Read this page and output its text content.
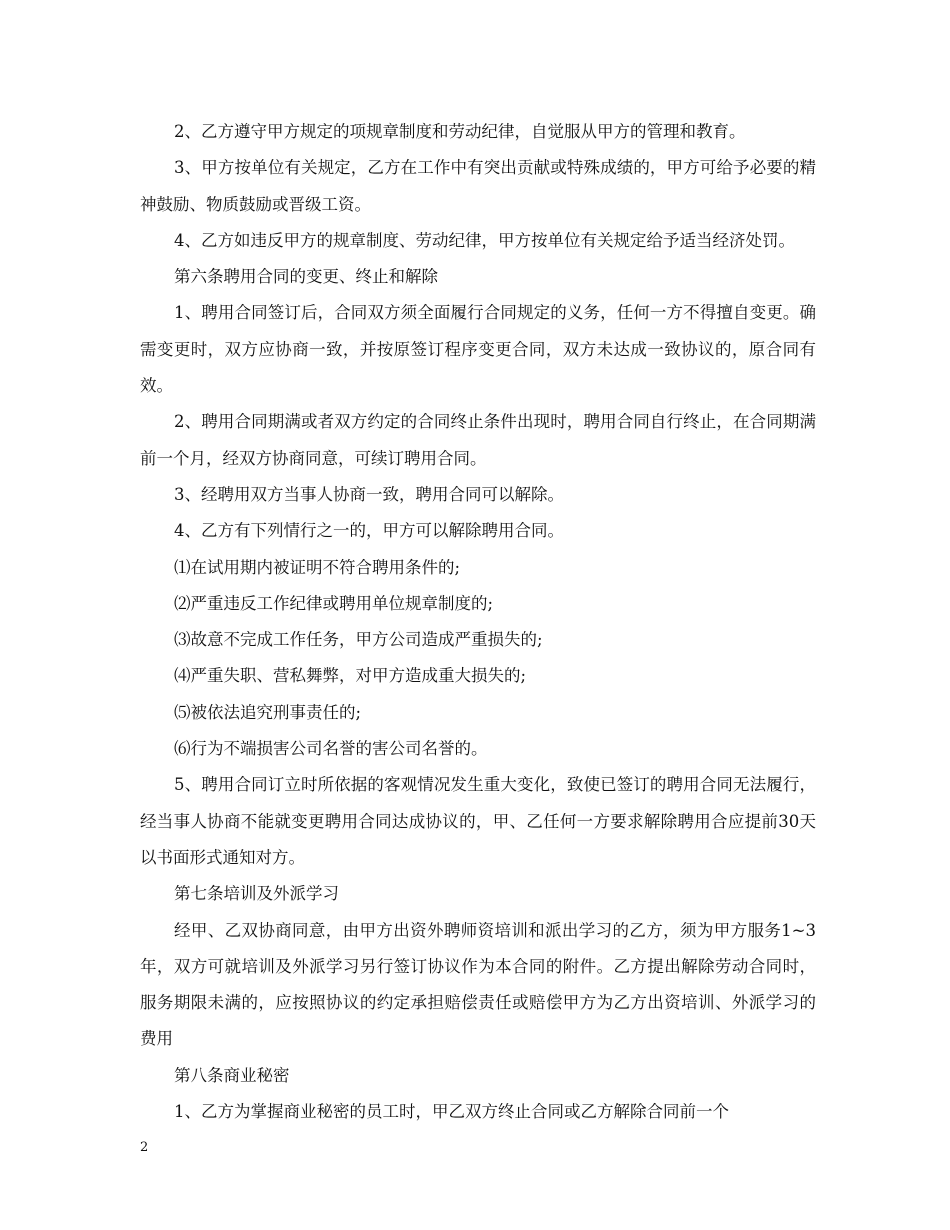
2、乙方遵守甲方规定的项规章制度和劳动纪律，自觉服从甲方的管理和教育。

3、甲方按单位有关规定，乙方在工作中有突出贡献或特殊成绩的，甲方可给予必要的精神鼓励、物质鼓励或晋级工资。

4、乙方如违反甲方的规章制度、劳动纪律，甲方按单位有关规定给予适当经济处罚。

第六条聘用合同的变更、终止和解除

1、聘用合同签订后，合同双方须全面履行合同规定的义务，任何一方不得擅自变更。确需变更时，双方应协商一致，并按原签订程序变更合同，双方未达成一致协议的，原合同有效。

2、聘用合同期满或者双方约定的合同终止条件出现时，聘用合同自行终止，在合同期满前一个月，经双方协商同意，可续订聘用合同。

3、经聘用双方当事人协商一致，聘用合同可以解除。

4、乙方有下列情行之一的，甲方可以解除聘用合同。

⑴在试用期内被证明不符合聘用条件的;

⑵严重违反工作纪律或聘用单位规章制度的;

⑶故意不完成工作任务，甲方公司造成严重损失的;

⑷严重失职、营私舞弊，对甲方造成重大损失的;

⑸被依法追究刑事责任的;

⑹行为不端损害公司名誉的害公司名誉的。

5、聘用合同订立时所依据的客观情况发生重大变化，致使已签订的聘用合同无法履行，经当事人协商不能就变更聘用合同达成协议的，甲、乙任何一方要求解除聘用合应提前30天以书面形式通知对方。

第七条培训及外派学习

经甲、乙双协商同意，由甲方出资外聘师资培训和派出学习的乙方，须为甲方服务1~3年，双方可就培训及外派学习另行签订协议作为本合同的附件。乙方提出解除劳动合同时，服务期限未满的，应按照协议的约定承担赔偿责任或赔偿甲方为乙方出资培训、外派学习的费用

第八条商业秘密

1、乙方为掌握商业秘密的员工时，甲乙双方终止合同或乙方解除合同前一个

2
